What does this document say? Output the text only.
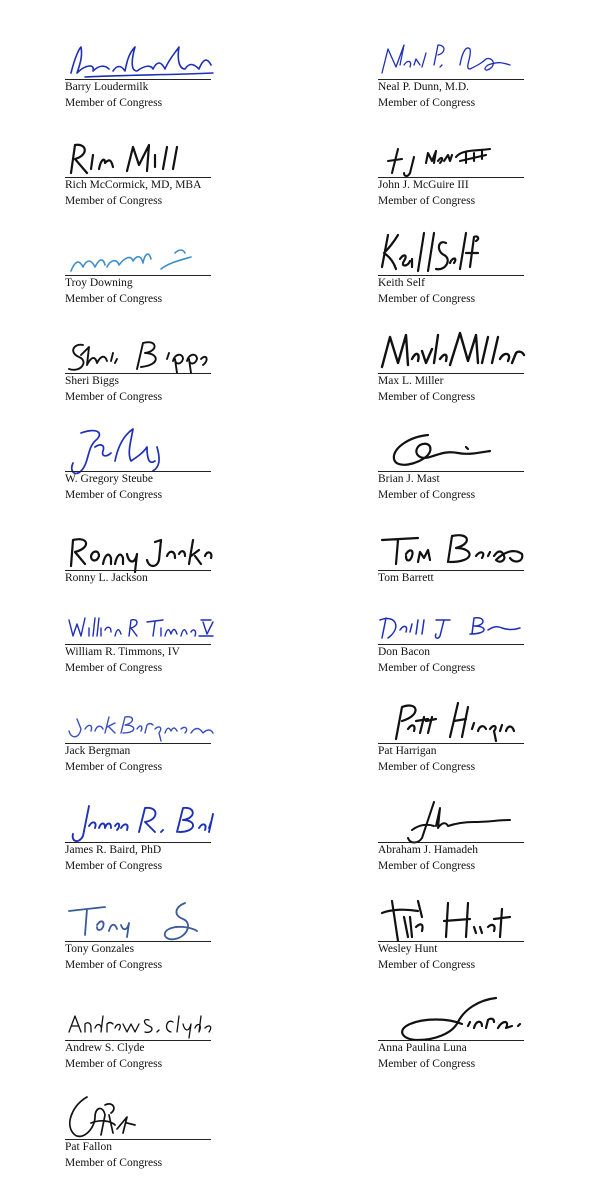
Barry Loudermilk
Member of Congress
Rich McCormick, MD, MBA
Member of Congress
Troy Downing
Member of Congress
Sheri Biggs
Member of Congress
W. Gregory Steube
Member of Congress
Ronny L. Jackson
William R. Timmons, IV
Member of Congress
Jack Bergman
Member of Congress
James R. Baird, PhD
Member of Congress
Tony Gonzales
Member of Congress
Andrew S. Clyde
Member of Congress
Pat Fallon
Member of Congress
Neal P. Dunn, M.D.
Member of Congress
John J. McGuire III
Member of Congress
Keith Self
Member of Congress
Max L. Miller
Member of Congress
Brian J. Mast
Member of Congress
Tom Barrett
Don Bacon
Member of Congress
Pat Harrigan
Member of Congress
Abraham J. Hamadeh
Member of Congress
Wesley Hunt
Member of Congress
Anna Paulina Luna
Member of Congress
